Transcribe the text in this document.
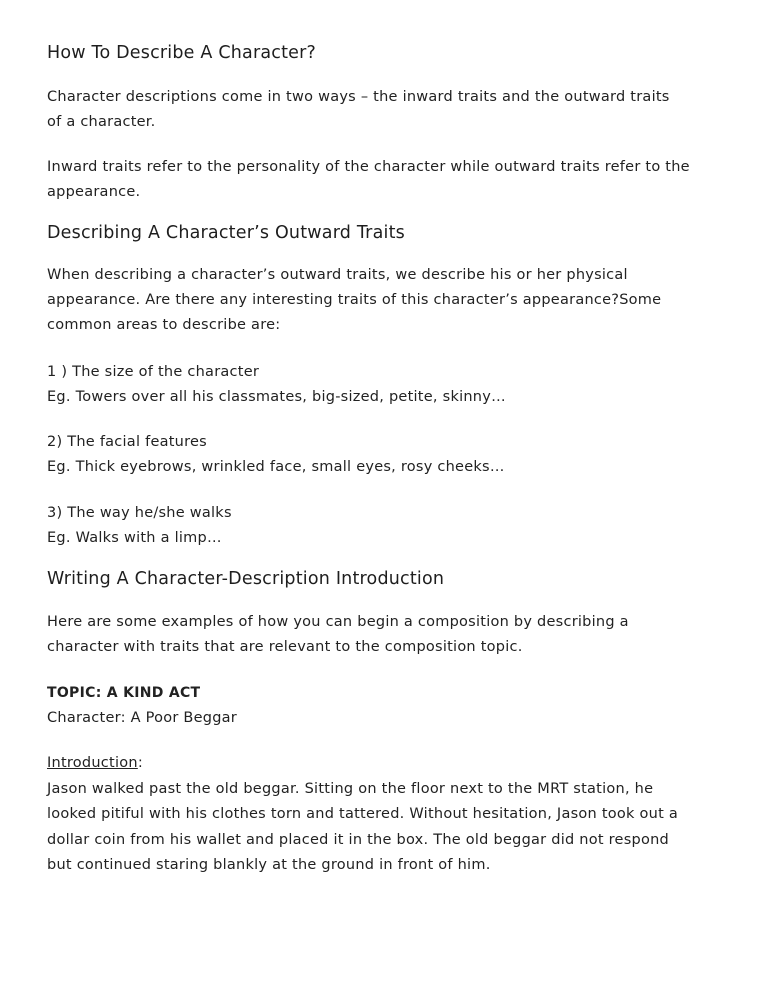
How To Describe A Character?

Character descriptions come in two ways – the inward traits and the outward traits

of a character.

Inward traits refer to the personality of the character while outward traits refer to the

appearance.

Describing A Character’s Outward Traits

When describing a character’s outward traits, we describe his or her physical

appearance. Are there any interesting traits of this character’s appearance?Some

common areas to describe are:

1 ) The size of the character

Eg. Towers over all his classmates, big-sized, petite, skinny…

2) The facial features

Eg. Thick eyebrows, wrinkled face, small eyes, rosy cheeks…

3) The way he/she walks

Eg. Walks with a limp…

Writing A Character-Description Introduction

Here are some examples of how you can begin a composition by describing a

character with traits that are relevant to the composition topic.

TOPIC: A KIND ACT

Character: A Poor Beggar

Introduction:

Jason walked past the old beggar. Sitting on the floor next to the MRT station, he

looked pitiful with his clothes torn and tattered. Without hesitation, Jason took out a

dollar coin from his wallet and placed it in the box. The old beggar did not respond

but continued staring blankly at the ground in front of him.
